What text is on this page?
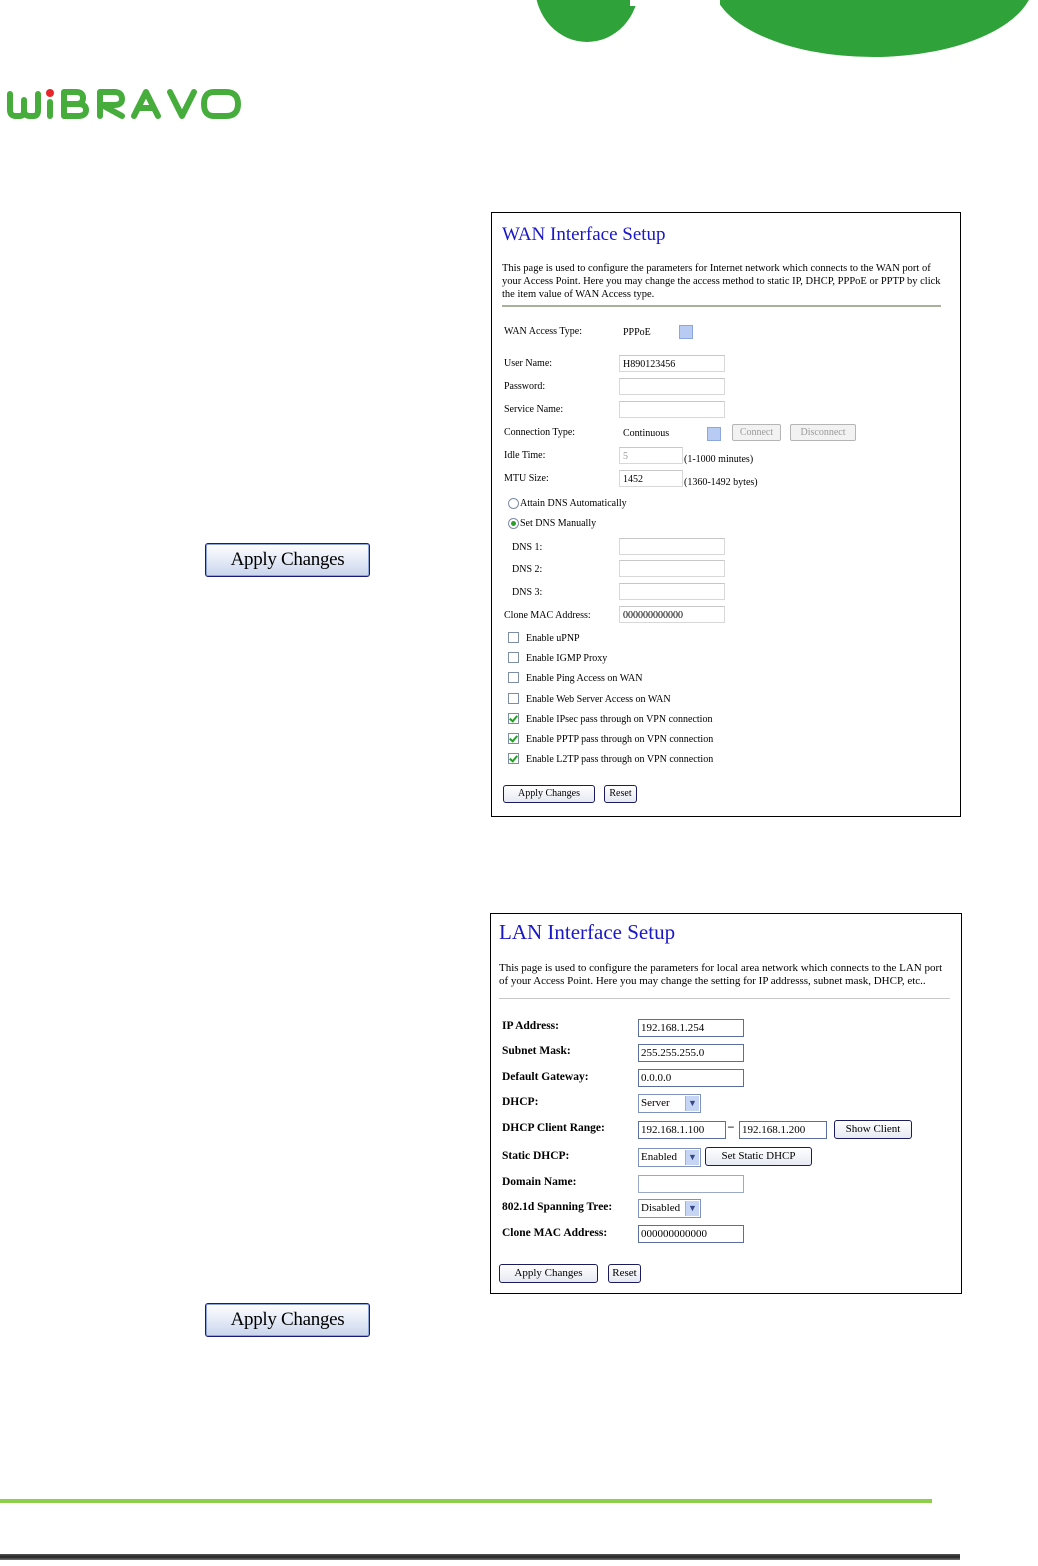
Apply Changes
Apply Changes
WAN Interface Setup
This page is used to configure the parameters for Internet network which connects to the WAN port of your Access Point. Here you may change the access method to static IP, DHCP, PPPoE or PPTP by click the item value of WAN Access type.
WAN Access Type:	PPPoE
User Name:	H890123456
Password:
Service Name:
Connection Type:	Continuous	Connect	Disconnect
Idle Time:	5	(1-1000 minutes)
MTU Size:	1452	(1360-1492 bytes)
Attain DNS Automatically
Set DNS Manually
DNS 1:
DNS 2:
DNS 3:
Clone MAC Address:	000000000000
Enable uPNP
Enable IGMP Proxy
Enable Ping Access on WAN
Enable Web Server Access on WAN
Enable IPsec pass through on VPN connection
Enable PPTP pass through on VPN connection
Enable L2TP pass through on VPN connection
Apply Changes	Reset
LAN Interface Setup
This page is used to configure the parameters for local area network which connects to the LAN port of your Access Point. Here you may change the setting for IP addresss, subnet mask, DHCP, etc..
IP Address:	192.168.1.254
Subnet Mask:	255.255.255.0
Default Gateway:	0.0.0.0
DHCP:	Server	▼
DHCP Client Range:	192.168.1.100	– 192.168.1.200	Show Client
Static DHCP:	Enabled	▼	Set Static DHCP
Domain Name:
802.1d Spanning Tree:	Disabled ▼
Clone MAC Address:	000000000000
Apply Changes	Reset
